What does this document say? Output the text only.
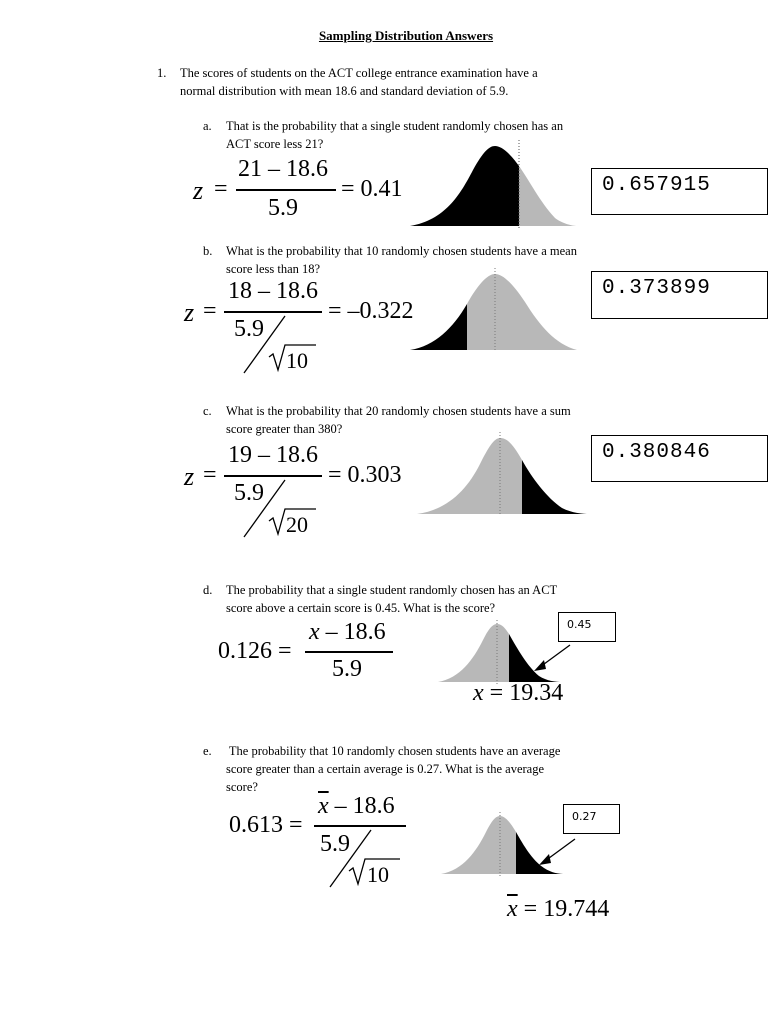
Sampling Distribution Answers
1. The scores of students on the ACT college entrance examination have a
normal distribution with mean 18.6 and standard deviation of 5.9.
a. That is the probability that a single student randomly chosen has an
ACT score less 21?
z =
21 – 18.6
5.9
= 0.41	0.657915
b. What is the probability that 10 randomly chosen students have a mean
score less than 18?
z =
18 – 18.6
5.9
10
= –0.322
0.373899
c. What is the probability that 20 randomly chosen students have a sum
score greater than 380?
z =
19 – 18.6
5.9
20
= 0.303
0.380846
d. The probability that a single student randomly chosen has an ACT
score above a certain score is 0.45. What is the score?
0.126 =
x – 18.6
5.9
0.45
x = 19.34
e. The probability that 10 randomly chosen students have an average
score greater than a certain average is 0.27. What is the average
score?
0.613 =
$\overline{x} - 18.6$
5.9
10
0.27
$\overline{x} = 19.744$
